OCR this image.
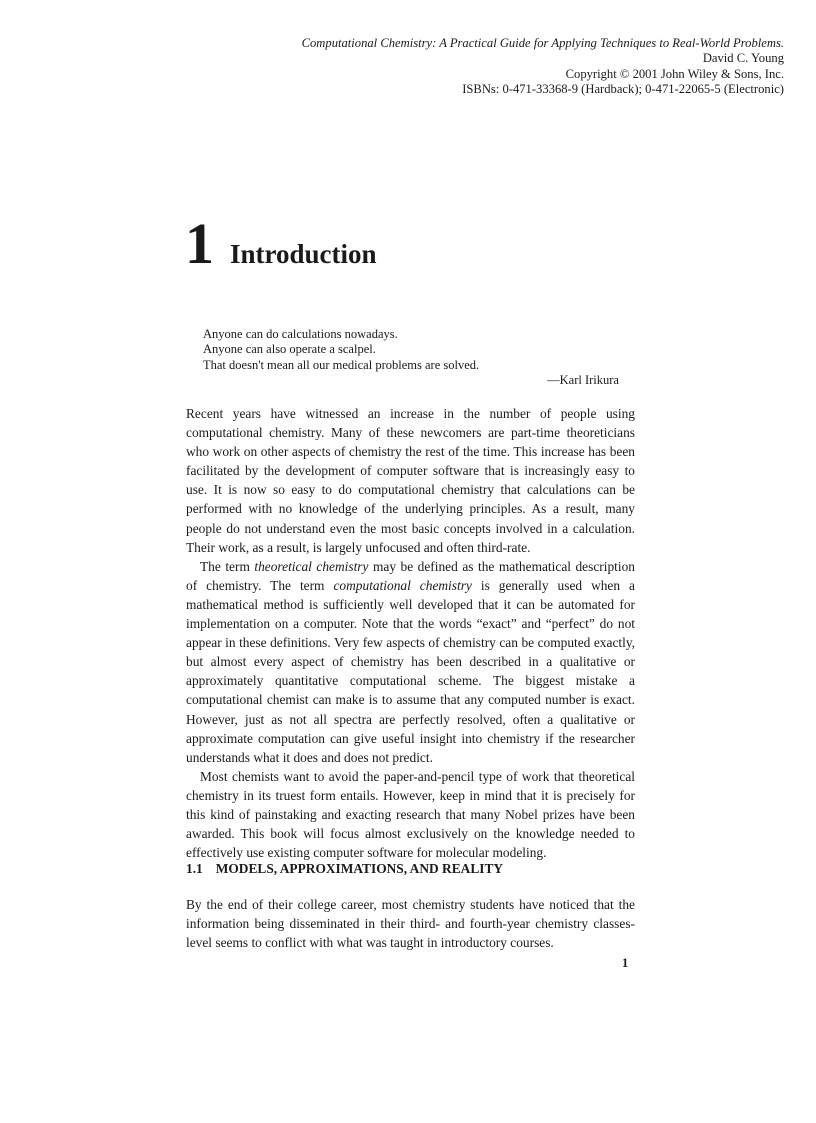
Computational Chemistry: A Practical Guide for Applying Techniques to Real-World Problems.
David C. Young
Copyright © 2001 John Wiley & Sons, Inc.
ISBNs: 0-471-33368-9 (Hardback); 0-471-22065-5 (Electronic)
1 Introduction
Anyone can do calculations nowadays.
Anyone can also operate a scalpel.
That doesn't mean all our medical problems are solved.
—Karl Irikura

Recent years have witnessed an increase in the number of people using computational chemistry. Many of these newcomers are part-time theoreticians who work on other aspects of chemistry the rest of the time. This increase has been facilitated by the development of computer software that is increasingly easy to use. It is now so easy to do computational chemistry that calculations can be performed with no knowledge of the underlying principles. As a result, many people do not understand even the most basic concepts involved in a calculation. Their work, as a result, is largely unfocused and often third-rate.

The term theoretical chemistry may be defined as the mathematical description of chemistry. The term computational chemistry is generally used when a mathematical method is sufficiently well developed that it can be automated for implementation on a computer. Note that the words “exact” and “perfect” do not appear in these definitions. Very few aspects of chemistry can be computed exactly, but almost every aspect of chemistry has been described in a qualitative or approximately quantitative computational scheme. The biggest mistake a computational chemist can make is to assume that any computed number is exact. However, just as not all spectra are perfectly resolved, often a qualitative or approximate computation can give useful insight into chemistry if the researcher understands what it does and does not predict.

Most chemists want to avoid the paper-and-pencil type of work that theoretical chemistry in its truest form entails. However, keep in mind that it is precisely for this kind of painstaking and exacting research that many Nobel prizes have been awarded. This book will focus almost exclusively on the knowledge needed to effectively use existing computer software for molecular modeling.

1.1 MODELS, APPROXIMATIONS, AND REALITY

By the end of their college career, most chemistry students have noticed that the information being disseminated in their third- and fourth-year chemistry classes-level seems to conflict with what was taught in introductory courses.

1
